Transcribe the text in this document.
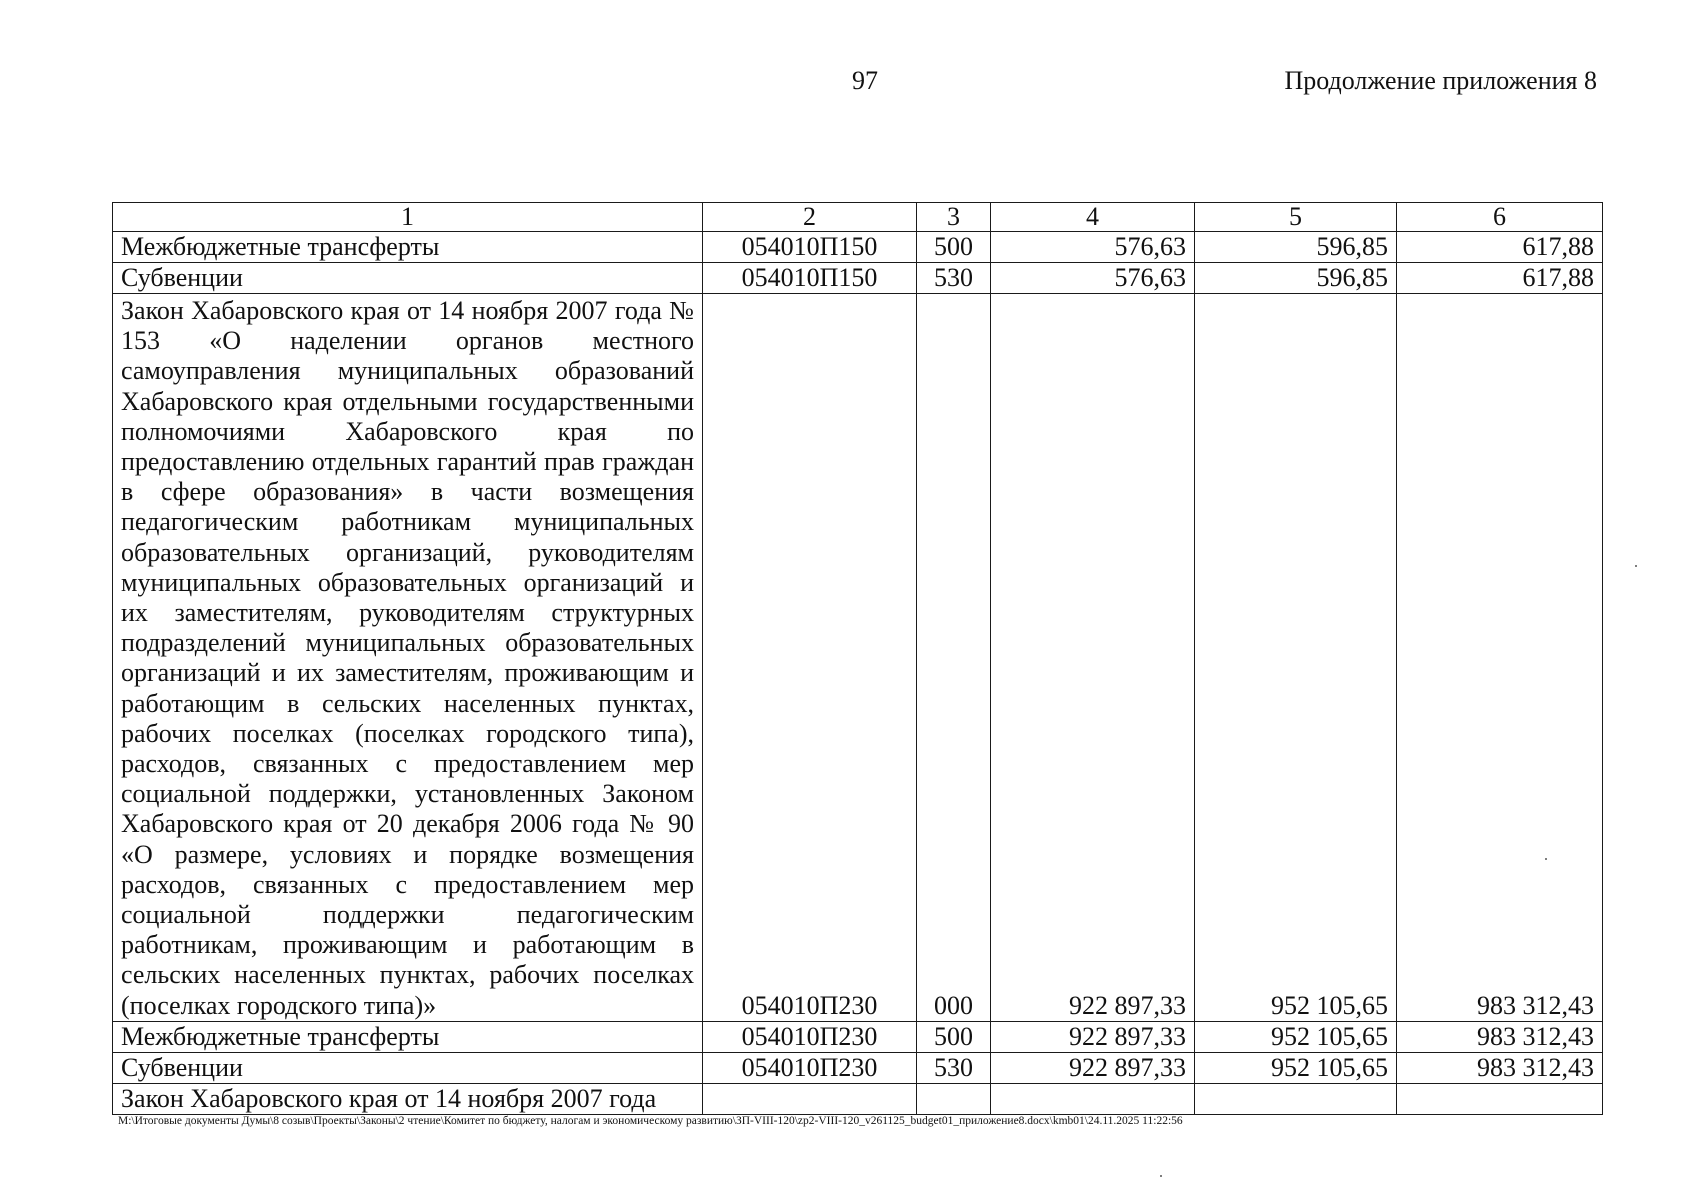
97	Продолжение приложения 8
1	2	3	4	5	6
Межбюджетные трансферты	054010П150	500	576,63	596,85	617,88
Субвенции	054010П150	530	576,63	596,85	617,88
Закон Хабаровского края от 14 ноября 2007 года № 153 «О наделении органов местного самоуправления муниципальных образований Хабаровского края отдельными государственными полномочиями Хабаровского края по предоставлению отдельных гарантий прав граждан в сфере образования» в части возмещения педагогическим работникам муниципальных образовательных организаций, руководителям муниципальных образовательных организаций и их заместителям, руководителям структурных подразделений муниципальных образовательных организаций и их заместителям, проживающим и работающим в сельских населенных пунктах, рабочих поселках (поселках городского типа), расходов, связанных с предоставлением мер социальной поддержки, установленных Законом Хабаровского края от 20 декабря 2006 года № 90 «О размере, условиях и порядке возмещения расходов, связанных с предоставлением мер социальной поддержки педагогическим работникам, проживающим и работающим в сельских населенных пунктах, рабочих поселках (поселках городского типа)»	054010П230	000	922 897,33	952 105,65	983 312,43
Межбюджетные трансферты	054010П230	500	922 897,33	952 105,65	983 312,43
Субвенции	054010П230	530	922 897,33	952 105,65	983 312,43
Закон Хабаровского края от 14 ноября 2007 года					
M:\Итоговые документы Думы\8 созыв\Проекты\Законы\2 чтение\Комитет по бюджету, налогам и экономическому развитию\ЗП-VIII-120\zp2-VIII-120_v261125_budget01_приложение8.docx\kmb01\24.11.2025 11:22:56
